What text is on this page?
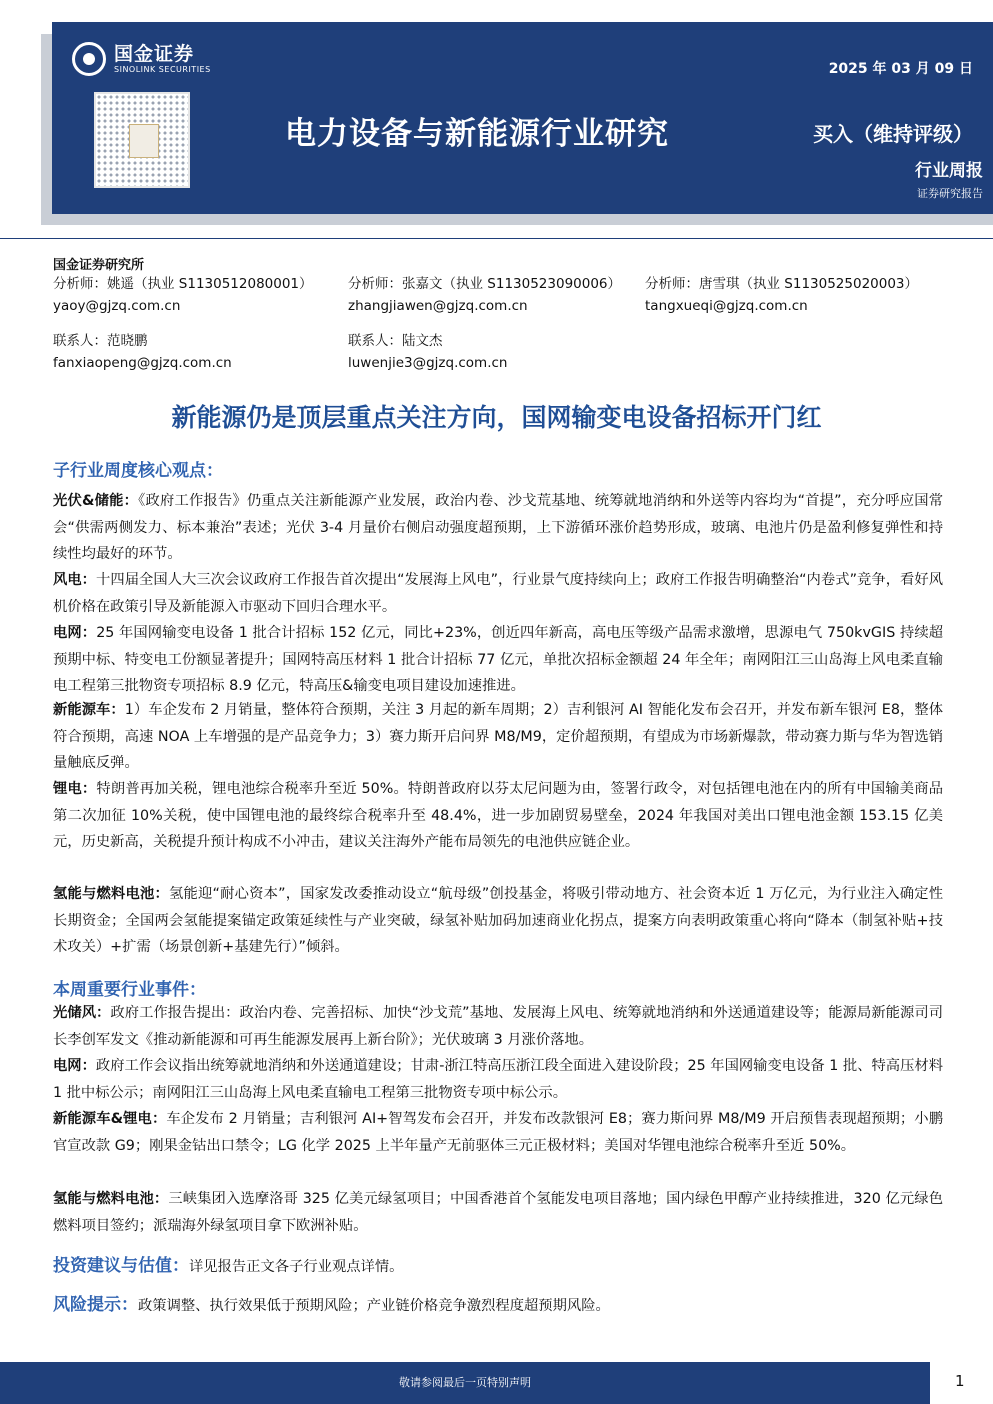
国金证券
SINOLINK SECURITIES	2025 年 03 月 09 日
电力设备与新能源行业研究	买入（维持评级）
行业周报
证券研究报告
国金证券研究所
分析师：姚遥（执业 S1130512080001）
yaoy@gjzq.com.cn
分析师：张嘉文（执业 S1130523090006）
zhangjiawen@gjzq.com.cn
分析师：唐雪琪（执业 S1130525020003）
tangxueqi@gjzq.com.cn
联系人：范晓鹏
fanxiaopeng@gjzq.com.cn
联系人：陆文杰
luwenjie3@gjzq.com.cn
新能源仍是顶层重点关注方向，国网输变电设备招标开门红
子行业周度核心观点：
光伏&储能：《政府工作报告》仍重点关注新能源产业发展，政治内卷、沙戈荒基地、统筹就地消纳和外送等内容均为“首提”，充分呼应国常会“供需两侧发力、标本兼治”表述；光伏 3-4 月量价右侧启动强度超预期，上下游循环涨价趋势形成，玻璃、电池片仍是盈利修复弹性和持续性均最好的环节。
风电：十四届全国人大三次会议政府工作报告首次提出“发展海上风电”，行业景气度持续向上；政府工作报告明确整治“内卷式”竞争，看好风机价格在政策引导及新能源入市驱动下回归合理水平。
电网：25 年国网输变电设备 1 批合计招标 152 亿元，同比+23%，创近四年新高，高电压等级产品需求激增，思源电气 750kvGIS 持续超预期中标、特变电工份额显著提升；国网特高压材料 1 批合计招标 77 亿元，单批次招标金额超 24 年全年；南网阳江三山岛海上风电柔直输电工程第三批物资专项招标 8.9 亿元，特高压&输变电项目建设加速推进。
新能源车：1）车企发布 2 月销量，整体符合预期，关注 3 月起的新车周期；2）吉利银河 AI 智能化发布会召开，并发布新车银河 E8，整体符合预期，高速 NOA 上车增强的是产品竞争力；3）赛力斯开启问界 M8/M9，定价超预期，有望成为市场新爆款，带动赛力斯与华为智选销量触底反弹。
锂电：特朗普再加关税，锂电池综合税率升至近 50%。特朗普政府以芬太尼问题为由，签署行政令，对包括锂电池在内的所有中国输美商品第二次加征 10%关税，使中国锂电池的最终综合税率升至 48.4%，进一步加剧贸易壁垒，2024 年我国对美出口锂电池金额 153.15 亿美元，历史新高，关税提升预计构成不小冲击，建议关注海外产能布局领先的电池供应链企业。
氢能与燃料电池：氢能迎“耐心资本”，国家发改委推动设立“航母级”创投基金，将吸引带动地方、社会资本近 1 万亿元，为行业注入确定性长期资金；全国两会氢能提案锚定政策延续性与产业突破，绿氢补贴加码加速商业化拐点，提案方向表明政策重心将向“降本（制氢补贴+技术攻关）+扩需（场景创新+基建先行）”倾斜。
本周重要行业事件：
光储风：政府工作报告提出：政治内卷、完善招标、加快“沙戈荒”基地、发展海上风电、统筹就地消纳和外送通道建设等；能源局新能源司司长李创军发文《推动新能源和可再生能源发展再上新台阶》；光伏玻璃 3 月涨价落地。
电网：政府工作会议指出统筹就地消纳和外送通道建设；甘肃-浙江特高压浙江段全面进入建设阶段；25 年国网输变电设备 1 批、特高压材料 1 批中标公示；南网阳江三山岛海上风电柔直输电工程第三批物资专项中标公示。
新能源车&锂电：车企发布 2 月销量；吉利银河 AI+智驾发布会召开，并发布改款银河 E8；赛力斯问界 M8/M9 开启预售表现超预期；小鹏官宣改款 G9；刚果金钴出口禁令；LG 化学 2025 上半年量产无前驱体三元正极材料；美国对华锂电池综合税率升至近 50%。
氢能与燃料电池：三峡集团入选摩洛哥 325 亿美元绿氢项目；中国香港首个氢能发电项目落地；国内绿色甲醇产业持续推进，320 亿元绿色燃料项目签约；派瑞海外绿氢项目拿下欧洲补贴。
投资建议与估值：详见报告正文各子行业观点详情。
风险提示：政策调整、执行效果低于预期风险；产业链价格竞争激烈程度超预期风险。
敬请参阅最后一页特别声明	1
